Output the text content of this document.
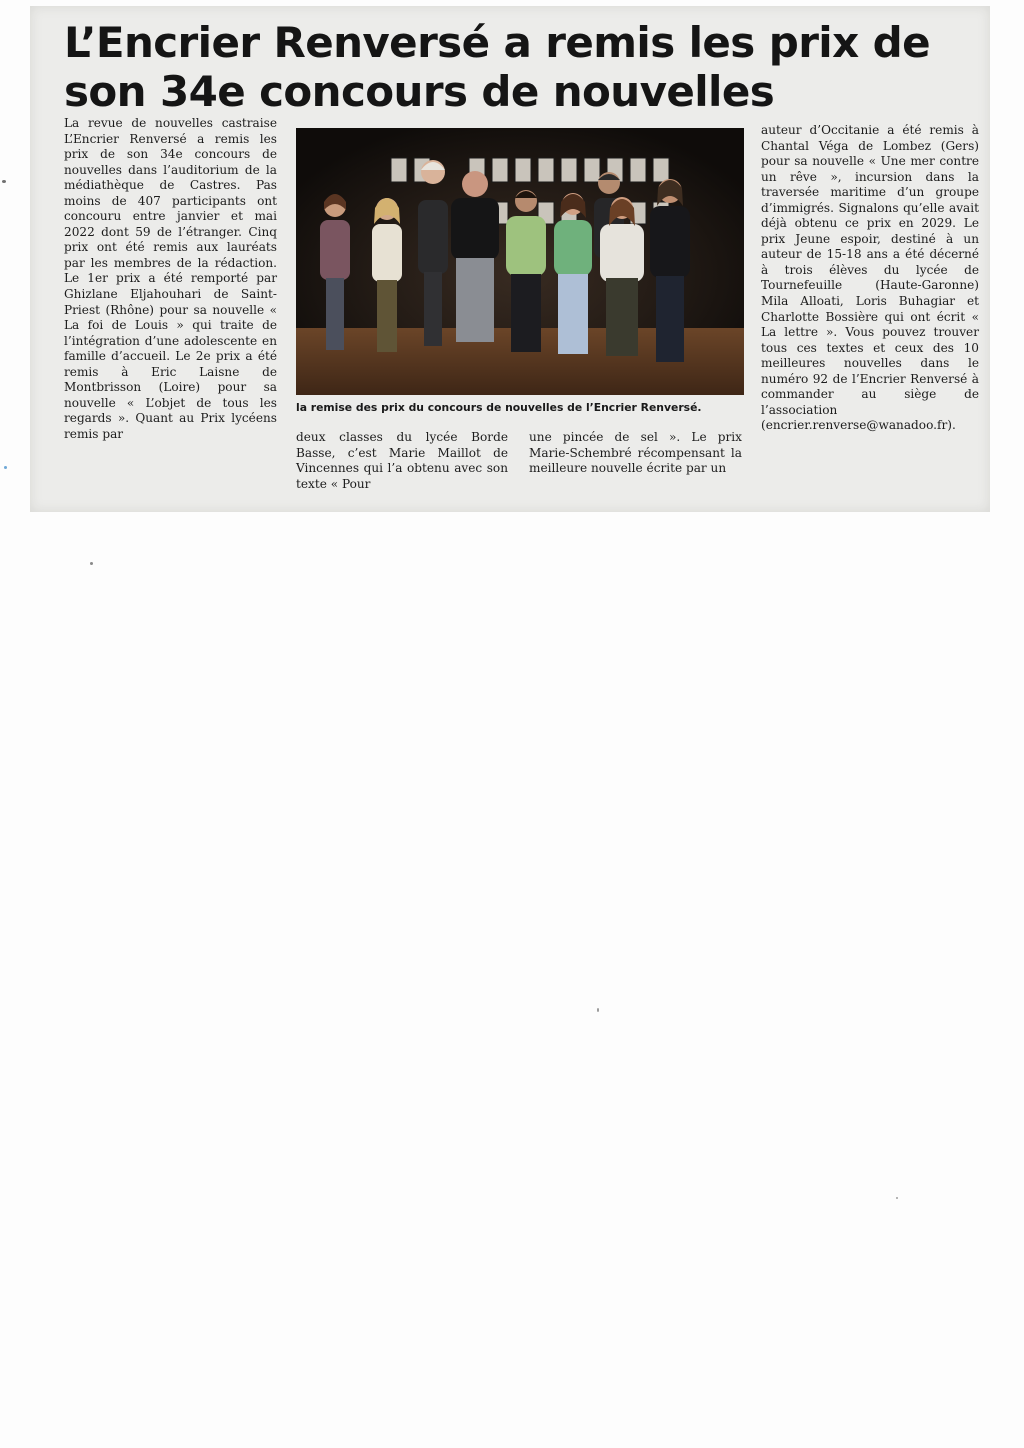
L’Encrier Renversé a remis les prix de son 34e concours de nouvelles

La revue de nouvelles castraise L’Encrier Renversé a remis les prix de son 34e concours de nouvelles dans l’auditorium de la médiathèque de Castres. Pas moins de 407 participants ont concouru entre janvier et mai 2022 dont 59 de l’étranger. Cinq prix ont été remis aux lauréats par les membres de la rédaction. Le 1er prix a été remporté par Ghizlane Eljahouhari de Saint-Priest (Rhône) pour sa nouvelle « La foi de Louis » qui traite de l’intégration d’une adolescente en famille d’accueil. Le 2e prix a été remis à Eric Laisne de Montbrisson (Loire) pour sa nouvelle « L’objet de tous les regards ». Quant au Prix lycéens remis par

la remise des prix du concours de nouvelles de l’Encrier Renversé.

deux classes du lycée Borde Basse, c’est Marie Maillot de Vincennes qui l’a obtenu avec son texte « Pour

une pincée de sel ». Le prix Marie-Schembré récompensant la meilleure nouvelle écrite par un

auteur d’Occitanie a été remis à Chantal Véga de Lombez (Gers) pour sa nouvelle « Une mer contre un rêve », incursion dans la traversée maritime d’un groupe d’immigrés. Signalons qu’elle avait déjà obtenu ce prix en 2029. Le prix Jeune espoir, destiné à un auteur de 15-18 ans a été décerné à trois élèves du lycée de Tournefeuille (Haute-Garonne) Mila Alloati, Loris Buhagiar et Charlotte Bossière qui ont écrit « La lettre ». Vous pouvez trouver tous ces textes et ceux des 10 meilleures nouvelles dans le numéro 92 de l’Encrier Renversé à commander au siège de l’association (encrier.renverse@wanadoo.fr).
